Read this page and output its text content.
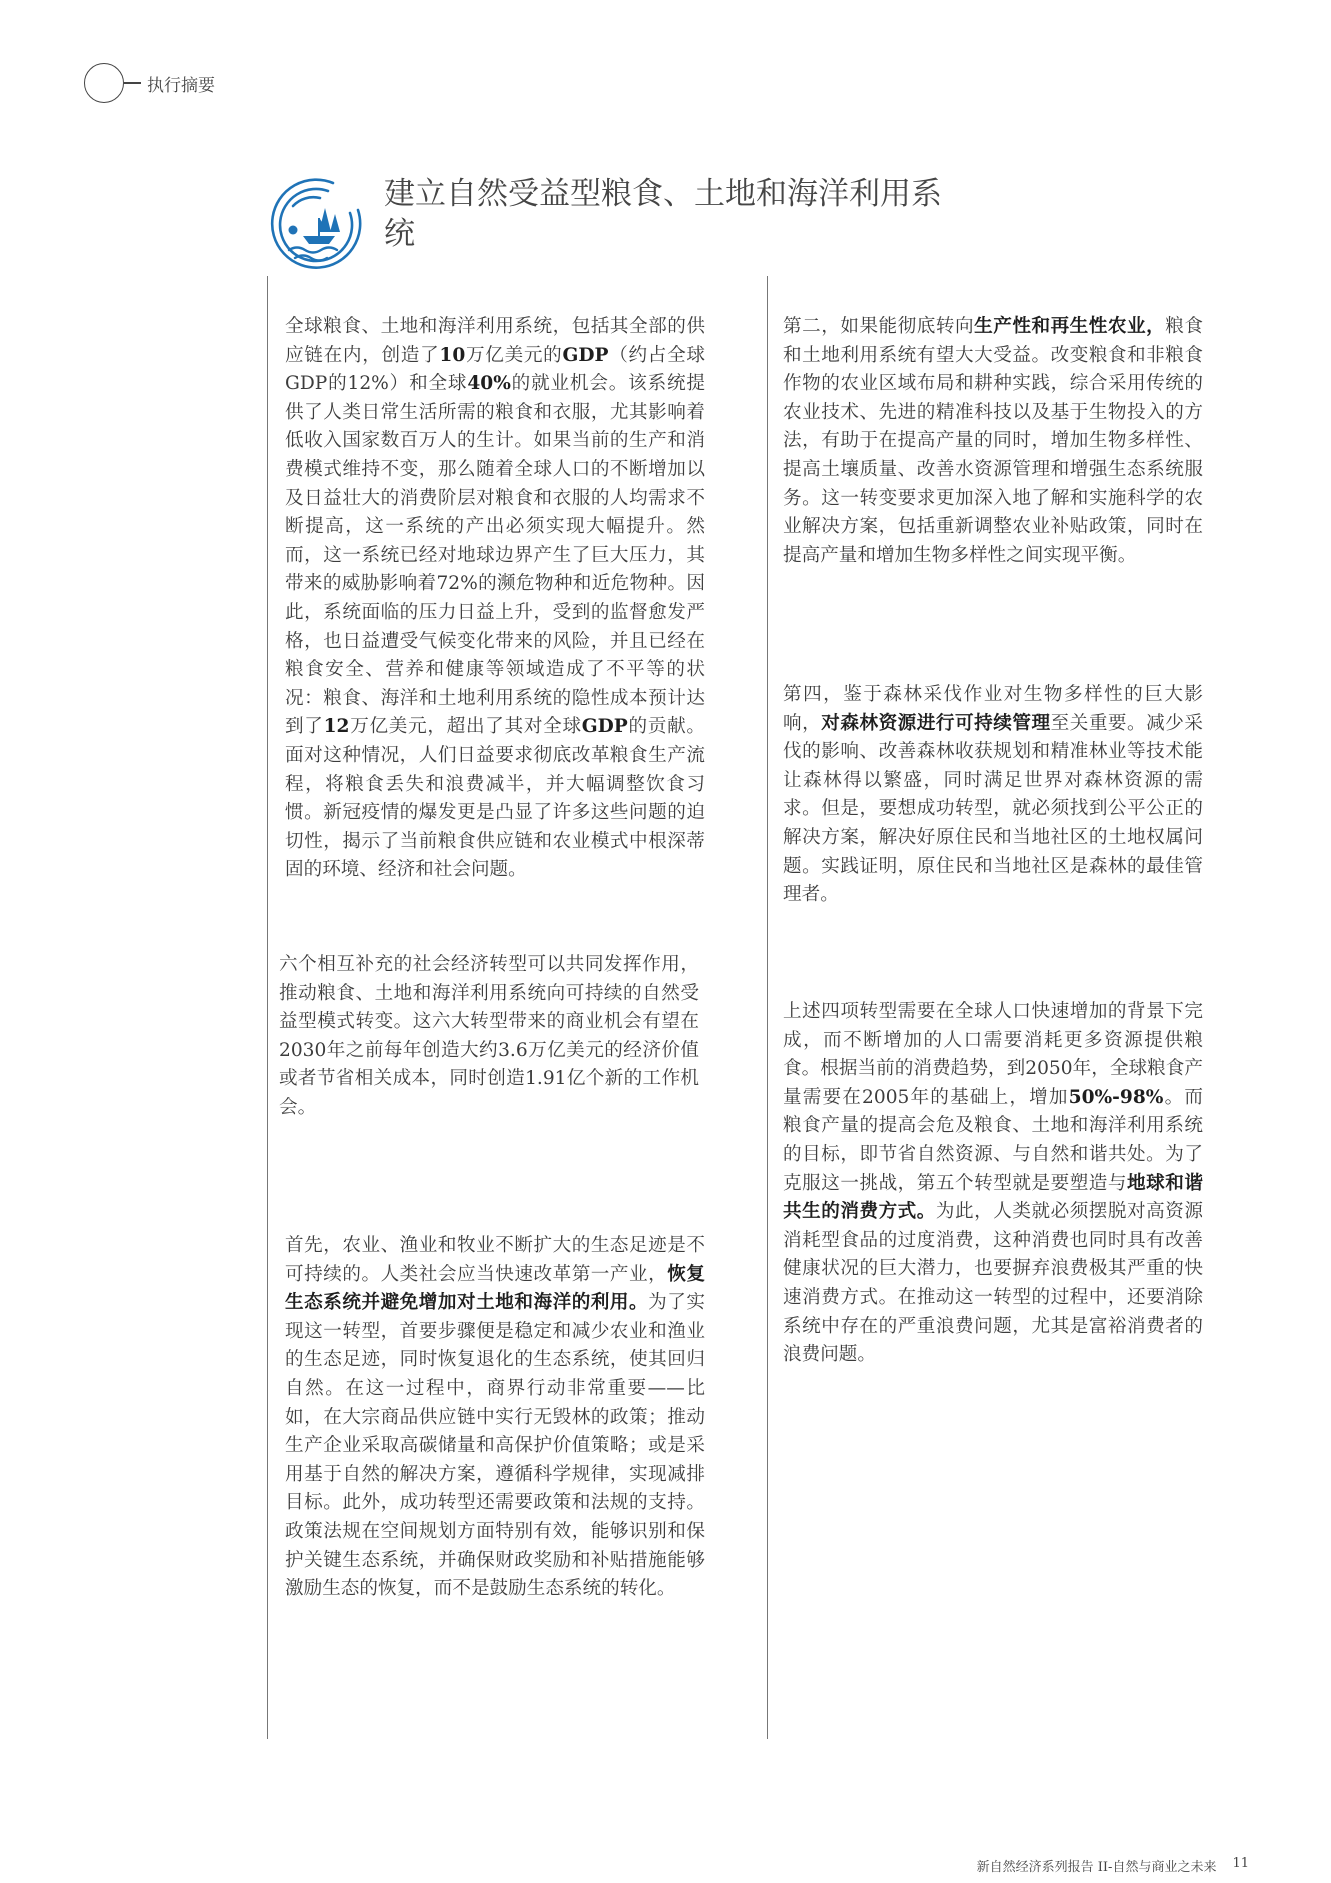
执行摘要
建立自然受益型粮食、土地和海洋利用系统

全球粮食、土地和海洋利用系统，包括其全部的供应链在内，创造了10万亿美元的GDP（约占全球GDP的12%）和全球40%的就业机会。该系统提供了人类日常生活所需的粮食和衣服，尤其影响着低收入国家数百万人的生计。如果当前的生产和消费模式维持不变，那么随着全球人口的不断增加以及日益壮大的消费阶层对粮食和衣服的人均需求不断提高，这一系统的产出必须实现大幅提升。然而，这一系统已经对地球边界产生了巨大压力，其带来的威胁影响着72%的濒危物种和近危物种。因此，系统面临的压力日益上升，受到的监督愈发严格，也日益遭受气候变化带来的风险，并且已经在粮食安全、营养和健康等领域造成了不平等的状况：粮食、海洋和土地利用系统的隐性成本预计达到了12万亿美元，超出了其对全球GDP的贡献。面对这种情况，人们日益要求彻底改革粮食生产流程，将粮食丢失和浪费减半，并大幅调整饮食习惯。新冠疫情的爆发更是凸显了许多这些问题的迫切性，揭示了当前粮食供应链和农业模式中根深蒂固的环境、经济和社会问题。

六个相互补充的社会经济转型可以共同发挥作用，推动粮食、土地和海洋利用系统向可持续的自然受益型模式转变。这六大转型带来的商业机会有望在2030年之前每年创造大约3.6万亿美元的经济价值或者节省相关成本，同时创造1.91亿个新的工作机会。

首先，农业、渔业和牧业不断扩大的生态足迹是不可持续的。人类社会应当快速改革第一产业，恢复生态系统并避免增加对土地和海洋的利用。为了实现这一转型，首要步骤便是稳定和减少农业和渔业的生态足迹，同时恢复退化的生态系统，使其回归自然。在这一过程中，商界行动非常重要——比如，在大宗商品供应链中实行无毁林的政策；推动生产企业采取高碳储量和高保护价值策略；或是采用基于自然的解决方案，遵循科学规律，实现减排目标。此外，成功转型还需要政策和法规的支持。政策法规在空间规划方面特别有效，能够识别和保护关键生态系统，并确保财政奖励和补贴措施能够激励生态的恢复，而不是鼓励生态系统的转化。

第二，如果能彻底转向生产性和再生性农业，粮食和土地利用系统有望大大受益。改变粮食和非粮食作物的农业区域布局和耕种实践，综合采用传统的农业技术、先进的精准科技以及基于生物投入的方法，有助于在提高产量的同时，增加生物多样性、提高土壤质量、改善水资源管理和增强生态系统服务。这一转变要求更加深入地了解和实施科学的农业解决方案，包括重新调整农业补贴政策，同时在提高产量和增加生物多样性之间实现平衡。

第四，鉴于森林采伐作业对生物多样性的巨大影响，对森林资源进行可持续管理至关重要。减少采伐的影响、改善森林收获规划和精准林业等技术能让森林得以繁盛，同时满足世界对森林资源的需求。但是，要想成功转型，就必须找到公平公正的解决方案，解决好原住民和当地社区的土地权属问题。实践证明，原住民和当地社区是森林的最佳管理者。

上述四项转型需要在全球人口快速增加的背景下完成，而不断增加的人口需要消耗更多资源提供粮食。根据当前的消费趋势，到2050年，全球粮食产量需要在2005年的基础上，增加50%-98%。而粮食产量的提高会危及粮食、土地和海洋利用系统的目标，即节省自然资源、与自然和谐共处。为了克服这一挑战，第五个转型就是要塑造与地球和谐共生的消费方式。为此，人类就必须摆脱对高资源消耗型食品的过度消费，这种消费也同时具有改善健康状况的巨大潜力，也要摒弃浪费极其严重的快速消费方式。在推动这一转型的过程中，还要消除系统中存在的严重浪费问题，尤其是富裕消费者的浪费问题。

新自然经济系列报告 II-自然与商业之未来 11
